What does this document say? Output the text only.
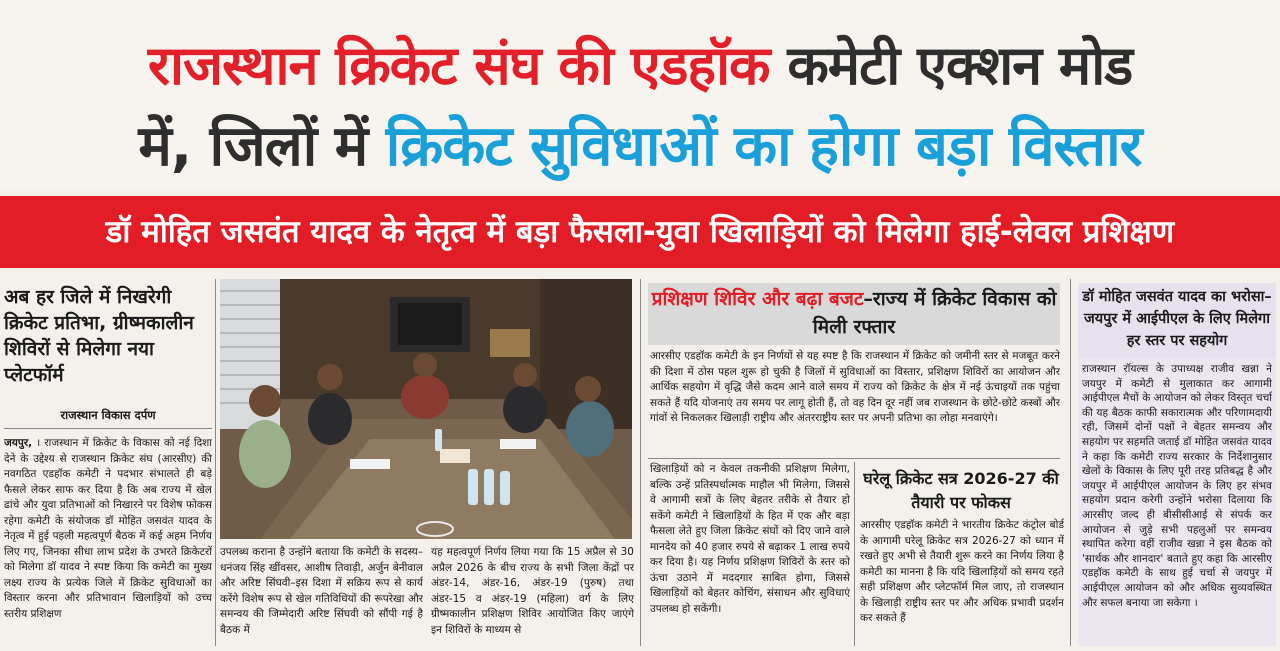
राजस्थान क्रिकेट संघ की एडहॉक कमेटी एक्शन मोड
में, जिलों में क्रिकेट सुविधाओं का होगा बड़ा विस्तार
डॉ मोहित जसवंत यादव के नेतृत्व में बड़ा फैसला-युवा खिलाड़ियों को मिलेगा हाई-लेवल प्रशिक्षण
अब हर जिले में निखरेगी क्रिकेट प्रतिभा, ग्रीष्मकालीन शिविरों से मिलेगा नया प्लेटफॉर्म
राजस्थान विकास दर्पण
जयपुर, । राजस्थान में क्रिकेट के विकास को नई दिशा देने के उद्देश्य से राजस्थान क्रिकेट संघ (आरसीए) की नवगठित एडहॉक कमेटी ने पदभार संभालते ही बड़े फैसले लेकर साफ कर दिया है कि अब राज्य में खेल ढांचे और युवा प्रतिभाओं को निखारने पर विशेष फोकस रहेगा कमेटी के संयोजक डॉ मोहित जसवंत यादव के नेतृत्व में हुई पहली महत्वपूर्ण बैठक में कई अहम निर्णय लिए गए, जिनका सीधा लाभ प्रदेश के उभरते क्रिकेटरों को मिलेगा डॉ यादव ने स्पष्ट किया कि कमेटी का मुख्य लक्ष्य राज्य के प्रत्येक जिले में क्रिकेट सुविधाओं का विस्तार करना और प्रतिभावान खिलाड़ियों को उच्च स्तरीय प्रशिक्षण
उपलब्ध कराना है उन्होंने बताया कि कमेटी के सदस्य–धनंजय सिंह खींवसर, आशीष तिवाड़ी, अर्जुन बेनीवाल और अरिष्ट सिंघवी–इस दिशा में सक्रिय रूप से कार्य करेंगे विशेष रूप से खेल गतिविधियों की रूपरेखा और समन्वय की जिम्मेदारी अरिष्ट सिंघवी को सौंपी गई है बैठक में
यह महत्वपूर्ण निर्णय लिया गया कि 15 अप्रैल से 30 अप्रैल 2026 के बीच राज्य के सभी जिला केंद्रों पर अंडर-14, अंडर-16, अंडर-19 (पुरुष) तथा अंडर-15 व अंडर-19 (महिला) वर्ग के लिए ग्रीष्मकालीन प्रशिक्षण शिविर आयोजित किए जाएंगे इन शिविरों के माध्यम से
प्रशिक्षण शिविर और बढ़ा बजट–राज्य में क्रिकेट विकास को मिली रफ्तार
आरसीए एडहॉक कमेटी के इन निर्णयों से यह स्पष्ट है कि राजस्थान में क्रिकेट को जमीनी स्तर से मजबूत करने की दिशा में ठोस पहल शुरू हो चुकी है जिलों में सुविधाओं का विस्तार, प्रशिक्षण शिविरों का आयोजन और आर्थिक सहयोग में वृद्धि जैसे कदम आने वाले समय में राज्य को क्रिकेट के क्षेत्र में नई ऊंचाइयों तक पहुंचा सकते हैं यदि योजनाएं तय समय पर लागू होती हैं, तो वह दिन दूर नहीं जब राजस्थान के छोटे-छोटे कस्बों और गांवों से निकलकर खिलाड़ी राष्ट्रीय और अंतरराष्ट्रीय स्तर पर अपनी प्रतिभा का लोहा मनवाएंगे।
खिलाड़ियों को न केवल तकनीकी प्रशिक्षण मिलेगा, बल्कि उन्हें प्रतिस्पर्धात्मक माहौल भी मिलेगा, जिससे वे आगामी सत्रों के लिए बेहतर तरीके से तैयार हो सकेंगे कमेटी ने खिलाड़ियों के हित में एक और बड़ा फैसला लेते हुए जिला क्रिकेट संघों को दिए जाने वाले मानदेय को 40 हजार रुपये से बढ़ाकर 1 लाख रुपये कर दिया है। यह निर्णय प्रशिक्षण शिविरों के स्तर को ऊंचा उठाने में मददगार साबित होगा, जिससे खिलाड़ियों को बेहतर कोचिंग, संसाधन और सुविधाएं उपलब्ध हो सकेंगी।
घरेलू क्रिकेट सत्र 2026-27 की तैयारी पर फोकस
आरसीए एडहॉक कमेटी ने भारतीय क्रिकेट कंट्रोल बोर्ड के आगामी घरेलू क्रिकेट सत्र 2026-27 को ध्यान में रखते हुए अभी से तैयारी शुरू करने का निर्णय लिया है कमेटी का मानना है कि यदि खिलाड़ियों को समय रहते सही प्रशिक्षण और प्लेटफॉर्म मिल जाए, तो राजस्थान के खिलाड़ी राष्ट्रीय स्तर पर और अधिक प्रभावी प्रदर्शन कर सकते हैं
डॉ मोहित जसवंत यादव का भरोसा–जयपुर में आईपीएल के लिए मिलेगा हर स्तर पर सहयोग
राजस्थान रॉयल्स के उपाध्यक्ष राजीव खन्ना ने जयपुर में कमेटी से मुलाकात कर आगामी आईपीएल मैचों के आयोजन को लेकर विस्तृत चर्चा की यह बैठक काफी सकारात्मक और परिणामदायी रही, जिसमें दोनों पक्षों ने बेहतर समन्वय और सहयोग पर सहमति जताई डॉ मोहित जसवंत यादव ने कहा कि कमेटी राज्य सरकार के निर्देशानुसार खेलों के विकास के लिए पूरी तरह प्रतिबद्ध है और जयपुर में आईपीएल आयोजन के लिए हर संभव सहयोग प्रदान करेगी उन्होंने भरोसा दिलाया कि आरसीए जल्द ही बीसीसीआई से संपर्क कर आयोजन से जुड़े सभी पहलुओं पर समन्वय स्थापित करेगा वहीं राजीव खन्ना ने इस बैठक को 'सार्थक और शानदार' बताते हुए कहा कि आरसीए एडहॉक कमेटी के साथ हुई चर्चा से जयपुर में आईपीएल आयोजन को और अधिक सुव्यवस्थित और सफल बनाया जा सकेगा ।
